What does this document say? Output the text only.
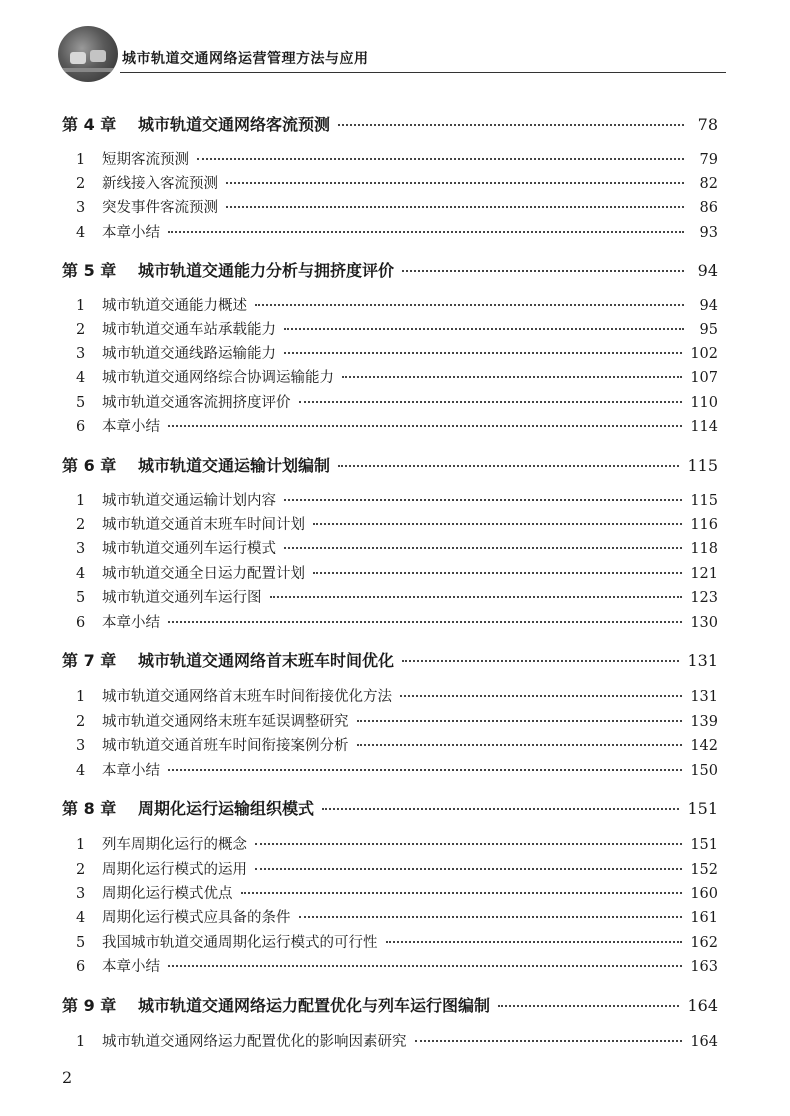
城市轨道交通网络运营管理方法与应用
第 4 章	城市轨道交通网络客流预测	78
1	短期客流预测	79
2	新线接入客流预测	82
3	突发事件客流预测	86
4	本章小结	93
第 5 章	城市轨道交通能力分析与拥挤度评价	94
1	城市轨道交通能力概述	94
2	城市轨道交通车站承载能力	95
3	城市轨道交通线路运输能力	102
4	城市轨道交通网络综合协调运输能力	107
5	城市轨道交通客流拥挤度评价	110
6	本章小结	114
第 6 章	城市轨道交通运输计划编制	115
1	城市轨道交通运输计划内容	115
2	城市轨道交通首末班车时间计划	116
3	城市轨道交通列车运行模式	118
4	城市轨道交通全日运力配置计划	121
5	城市轨道交通列车运行图	123
6	本章小结	130
第 7 章	城市轨道交通网络首末班车时间优化	131
1	城市轨道交通网络首末班车时间衔接优化方法	131
2	城市轨道交通网络末班车延误调整研究	139
3	城市轨道交通首班车时间衔接案例分析	142
4	本章小结	150
第 8 章	周期化运行运输组织模式	151
1	列车周期化运行的概念	151
2	周期化运行模式的运用	152
3	周期化运行模式优点	160
4	周期化运行模式应具备的条件	161
5	我国城市轨道交通周期化运行模式的可行性	162
6	本章小结	163
第 9 章	城市轨道交通网络运力配置优化与列车运行图编制	164
1	城市轨道交通网络运力配置优化的影响因素研究	164
2
